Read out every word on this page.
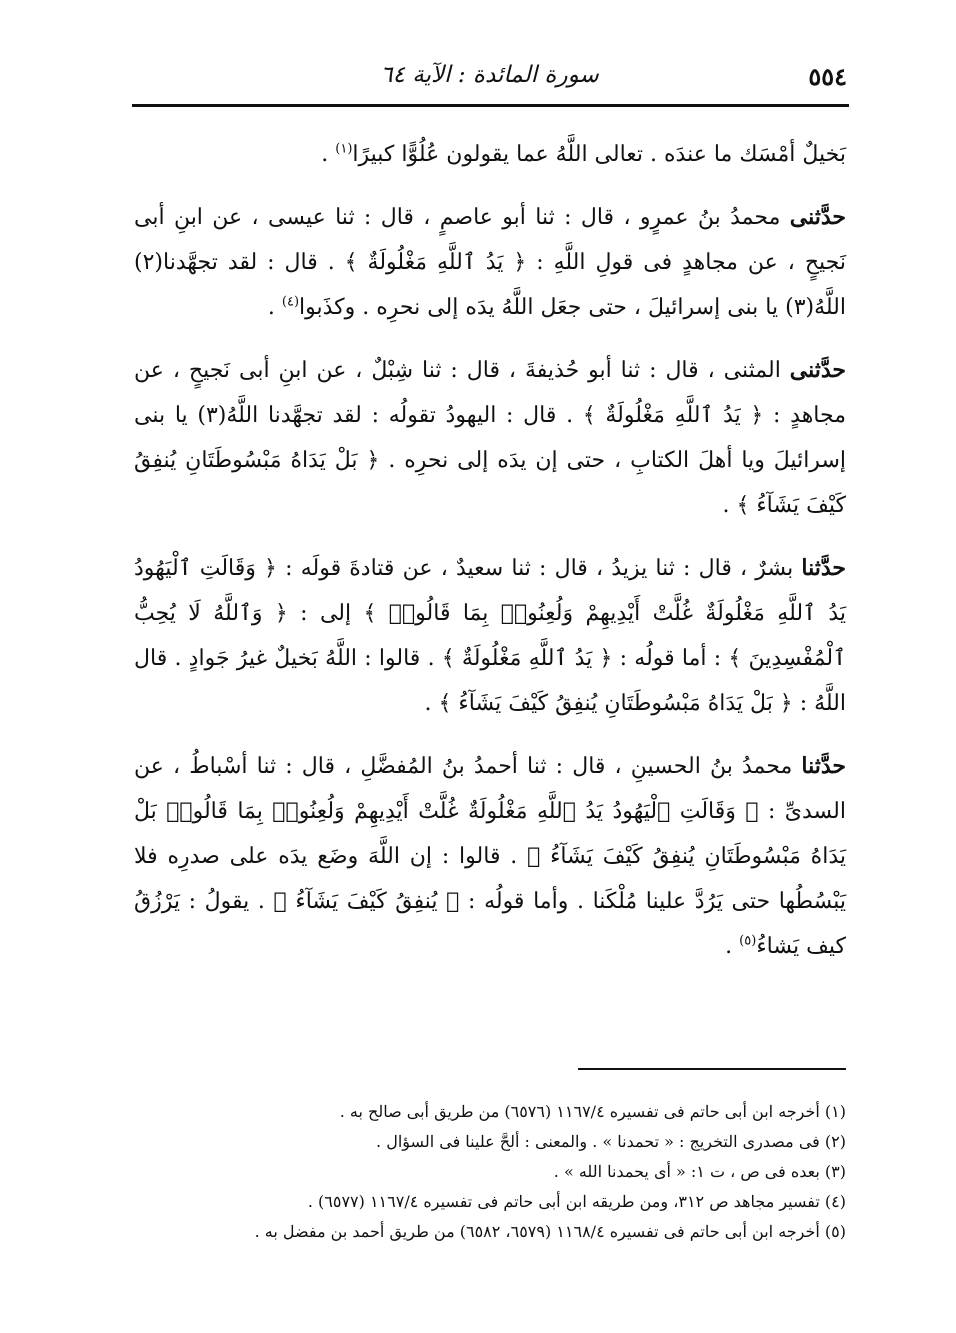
٥٥٤
سورة المائدة : الآية ٦٤

بَخيلٌ أمْسَك ما عندَه . تعالى اللَّهُ عما يقولون عُلُوًّا كبيرًا$^{(١)}$ .

حدَّثنى محمدُ بنُ عمرٍو ، قال : ثنا أبو عاصمٍ ، قال : ثنا عيسى ، عن ابنِ أبى نَجيحٍ ، عن مجاهدٍ فى قولِ اللَّهِ : ﴿ يَدُ ٱللَّهِ مَغْلُولَةٌ ﴾ . قال : لقد تجهَّدنا(٢) اللَّهُ(٣) يا بنى إسرائيلَ ، حتى جعَل اللَّهُ يدَه إلى نحرِه . وكذَبوا$^{(٤)}$ .

حدَّثنى المثنى ، قال : ثنا أبو حُذيفةَ ، قال : ثنا شِبْلٌ ، عن ابنِ أبى نَجيحٍ ، عن مجاهدٍ : ﴿ يَدُ ٱللَّهِ مَغْلُولَةٌ ﴾ . قال : اليهودُ تقولُه : لقد تجهَّدنا اللَّهُ(٣) يا بنى إسرائيلَ ويا أهلَ الكتابِ ، حتى إن يدَه إلى نحرِه . ﴿ بَلْ يَدَاهُ مَبْسُوطَتَانِ يُنفِقُ كَيْفَ يَشَآءُ ﴾ .

حدَّثنا بشرٌ ، قال : ثنا يزيدُ ، قال : ثنا سعيدٌ ، عن قتادةَ قولَه : ﴿ وَقَالَتِ ٱلْيَهُودُ يَدُ ٱللَّهِ مَغْلُولَةٌ غُلَّتْ أَيْدِيهِمْ وَلُعِنُوا۟ بِمَا قَالُوا۟ ﴾ إلى : ﴿ وَٱللَّهُ لَا يُحِبُّ ٱلْمُفْسِدِينَ ﴾ : أما قولُه : ﴿ يَدُ ٱللَّهِ مَغْلُولَةٌ ﴾ . قالوا : اللَّهُ بَخيلٌ غيرُ جَوادٍ . قال اللَّهُ : ﴿ بَلْ يَدَاهُ مَبْسُوطَتَانِ يُنفِقُ كَيْفَ يَشَآءُ ﴾ .

حدَّثنا محمدُ بنُ الحسينِ ، قال : ثنا أحمدُ بنُ المُفضَّلِ ، قال : ثنا أسْباطُ ، عن السدىِّ : ﴿ وَقَالَتِ ٱلْيَهُودُ يَدُ ٱللَّهِ مَغْلُولَةٌ غُلَّتْ أَيْدِيهِمْ وَلُعِنُوا۟ بِمَا قَالُوا۟ بَلْ يَدَاهُ مَبْسُوطَتَانِ يُنفِقُ كَيْفَ يَشَآءُ ﴾ . قالوا : إن اللَّهَ وضَع يدَه على صدرِه فلا يَبْسُطُها حتى يَرُدَّ علينا مُلْكَنا . وأما قولُه : ﴿ يُنفِقُ كَيْفَ يَشَآءُ ﴾ . يقولُ : يَرْزُقُ كيف يَشاءُ$^{(٥)}$ .

(١) أخرجه ابن أبى حاتم فى تفسيره ١١٦٧/٤ (٦٥٧٦) من طريق أبى صالح به .

(٢) فى مصدرى التخريج : « تحمدنا » . والمعنى : ألحَّ علينا فى السؤال .

(٣) بعده فى ص ، ت ١: « أى يحمدنا الله » .

(٤) تفسير مجاهد ص ٣١٢، ومن طريقه ابن أبى حاتم فى تفسيره ١١٦٧/٤ (٦٥٧٧) .

(٥) أخرجه ابن أبى حاتم فى تفسيره ١١٦٨/٤ (٦٥٧٩، ٦٥٨٢) من طريق أحمد بن مفضل به .
